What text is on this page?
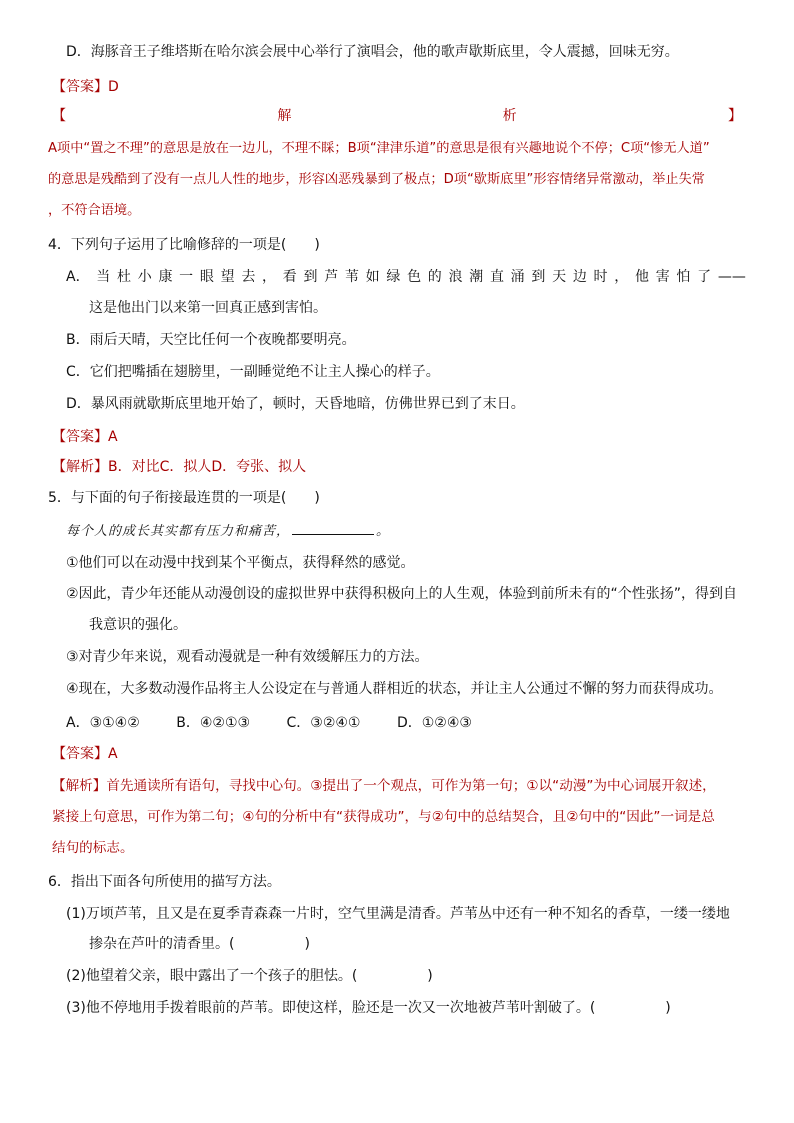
D．海豚音王子维塔斯在哈尔滨会展中心举行了演唱会，他的歌声歇斯底里，令人震撼，回味无穷。
【答案】D
【	解	析	】
A项中“置之不理”的意思是放在一边儿，不理不睬；B项“津津乐道”的意思是很有兴趣地说个不停；C项“惨无人道”
的意思是残酷到了没有一点儿人性的地步，形容凶恶残暴到了极点；D项“歇斯底里”形容情绪异常激动，举止失常
，不符合语境。
4．下列句子运用了比喻修辞的一项是(　　)
A． 当 杜 小 康 一 眼 望 去 ， 看 到 芦 苇 如 绿 色 的 浪 潮 直 涌 到 天 边 时 ， 他 害 怕 了 ——
这是他出门以来第一回真正感到害怕。
B．雨后天晴，天空比任何一个夜晚都要明亮。
C．它们把嘴插在翅膀里，一副睡觉绝不让主人操心的样子。
D．暴风雨就歇斯底里地开始了，顿时，天昏地暗，仿佛世界已到了末日。
【答案】A
【解析】B．对比C．拟人D．夸张、拟人
5．与下面的句子衔接最连贯的一项是(　　)
每个人的成长其实都有压力和痛苦，	。
①他们可以在动漫中找到某个平衡点，获得释然的感觉。
②因此，青少年还能从动漫创设的虚拟世界中获得积极向上的人生观，体验到前所未有的“个性张扬”，得到自
我意识的强化。
③对青少年来说，观看动漫就是一种有效缓解压力的方法。
④现在，大多数动漫作品将主人公设定在与普通人群相近的状态，并让主人公通过不懈的努力而获得成功。
A．③①④②	B．④②①③	C．③②④①	D．①②④③
【答案】A
【解析】首先通读所有语句，寻找中心句。③提出了一个观点，可作为第一句；①以“动漫”为中心词展开叙述，
紧接上句意思，可作为第二句；④句的分析中有“获得成功”，与②句中的总结契合，且②句中的“因此”一词是总
结句的标志。
6．指出下面各句所使用的描写方法。
(1)万顷芦苇，且又是在夏季青森森一片时，空气里满是清香。芦苇丛中还有一种不知名的香草，一缕一缕地
掺杂在芦叶的清香里。(　　　　　)
(2)他望着父亲，眼中露出了一个孩子的胆怯。(　　　　　)
(3)他不停地用手拨着眼前的芦苇。即使这样，脸还是一次又一次地被芦苇叶割破了。(　　　　　)
